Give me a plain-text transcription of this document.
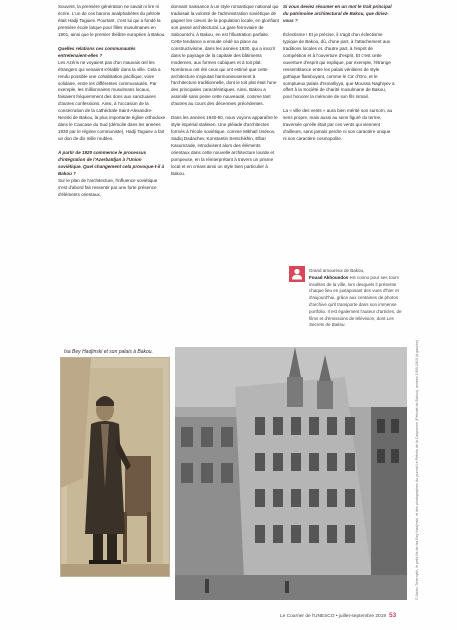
Souvent, la première génération ne savait ni lire ni écrire. L'un de ces barons analphabètes du pétrole était Hadji Taguiev. Pourtant, c'est lui qui a fondé la première école laïque pour filles musulmanes en 1901, ainsi que le premier théâtre européen à Bakou.

Quelles relations ces communautés entretenaient-elles ?

Les Azéris ne voyaient pas d'un mauvais œil les étrangers qui venaient s'établir dans la ville. Cela a rendu possible une cohabitation pacifique, voire solidaire, entre les différentes communautés. Par exemple, les millionnaires musulmans locaux, faisaient fréquemment des dons aux sanctuaires d'autres confessions. Ainsi, à l'occasion de la consécration de la cathédrale Saint-Alexandre-Nevski de Bakou, la plus importante église orthodoxe dans le Caucase du Sud (démolie dans les années 1930 par le régime communiste), Hadji Taguiev a fait un don de dix mille roubles.

À partir de 1920 commence le processus d'intégration de l'Azerbaïdjan à l'Union soviétique. Quel changement cela provoque-t-il à Bakou ?

Sur le plan de l'architecture, l'influence soviétique s'est d'abord fait ressentir par une forte présence d'éléments orientaux,

donnant naissance à un style romantique national qui traduisait la volonté de l'administration soviétique de gagner les cœurs de la population locale, en glorifiant son passé architectural. La gare ferroviaire de Sabountchi, à Bakou, en est l'illustration parfaite. Cette tendance a ensuite cédé sa place au constructivisme, dans les années 1930, qui a inscrit dans le paysage de la capitale des bâtiments modernes, aux formes cubiques et à toit plat. Nombreux ont été ceux qui ont estimé que cette architecture s'ajoutait harmonieusement à l'architecture traditionnelle, dont le toit plat était l'une des principales caractéristiques. Ainsi, Bakou a assimilé sans peine cette nouveauté, comme tant d'autres au cours des décennies précédentes.

Dans les années 1940-50, nous voyons apparaître le style impérial stalinien. Une pléiade d'architectes formés à l'école soviétique, comme Mikhaïl Usénov, Sadiq Dadachev, Konstantin Sentchikhin, Elbaï Kasumzade, introduisent alors des éléments orientaux dans cette nouvelle architecture lourde et pompeuse, en la réinterprétant à travers un prisme local et en créant ainsi un style bien particulier à Bakou.

Si vous deviez résumer en un mot le trait principal du patrimoine architectural de Bakou, que diriez-vous ?

Éclectisme ! Et je précise, il s'agit d'un éclectisme typique de Bakou, dû, d'une part, à l'attachement aux traditions locales et, d'autre part, à l'esprit de compétition et à l'ouverture d'esprit. Et c'est cette ouverture d'esprit qui explique, par exemple, l'étrange ressemblance entre les palais vénitiens de style gothique flamboyant, comme le Ca' d'Oro, et le somptueux palais d'Ismaïliyya, que Moussa Naghiyev a offert à la Société de charité musulmane de Bakou, pour honorer la mémoire de son fils Ismail.

La « ville des vents » aura bien mérité son surnom, au sens propre, mais aussi au sens figuré du terme, traversée qu'elle était par ces vents qui viennent d'ailleurs, sans jamais perdre ni son caractère unique ni son caractère cosmopolite.

Grand amoureux de Bakou,
Fouad Akhoundov est connu pour ses tours insolites de la ville, lors desquels il présente chaque lieu en juxtaposant des vues d'hier et d'aujourd'hui, grâce aux centaines de photos d'archive qu'il transporte dans son immense portfolio. Il est également l'auteur d'articles, de films et d'émissions de télévision, dont Les Secrets de Bakou.
Isa Bey Hadjinski et son palais à Bakou.	© Alexis Tchernykh, le petit-fils de Isa Bey Hadjinski, et des photographes du journal Le Pétrole de la Caspienne (Pétrolet de Bakou), années 1900-1910 (à gauche)
Le Courrier de l'UNESCO • juillet-septembre 2019 53
